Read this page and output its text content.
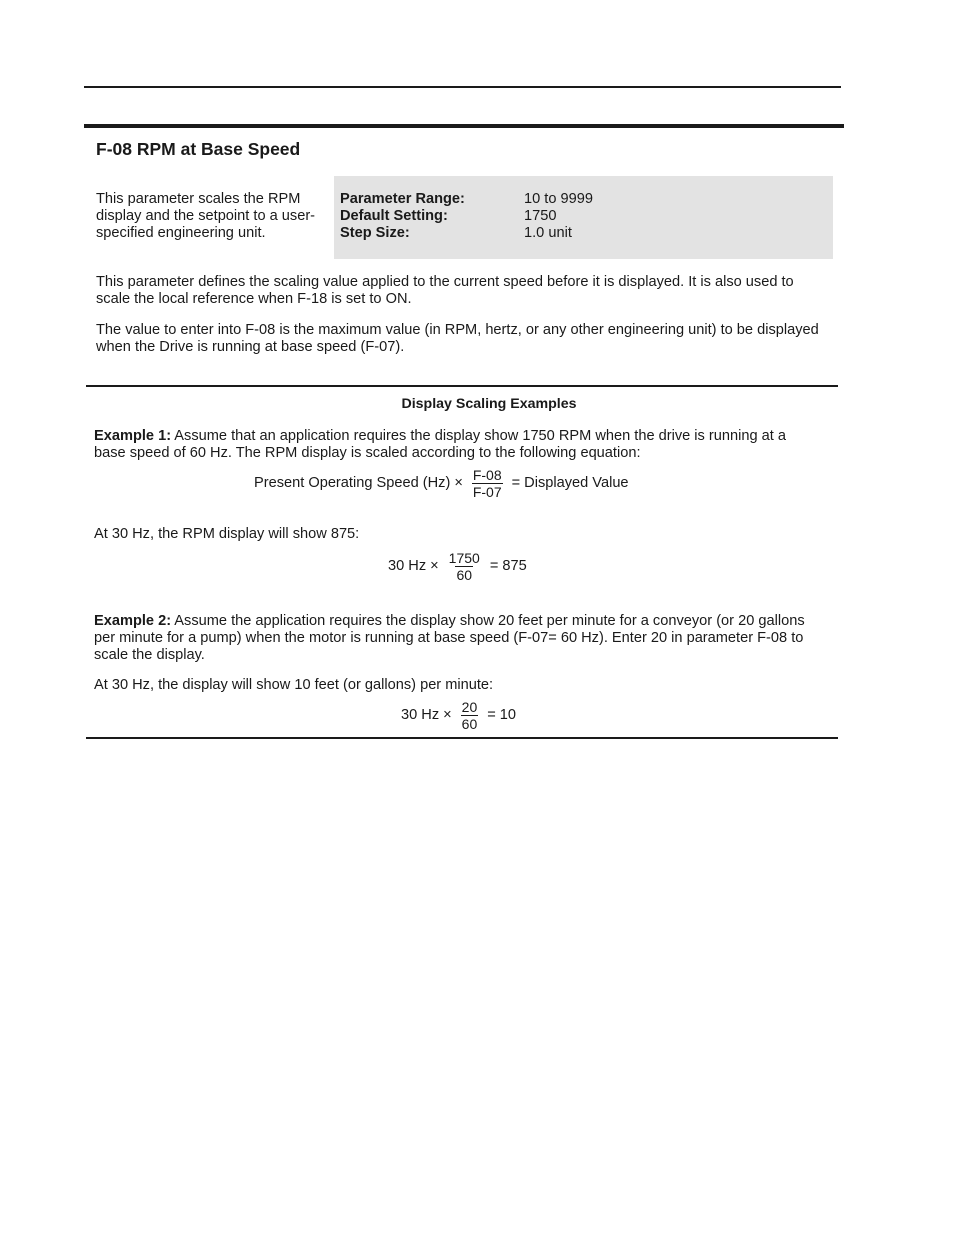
F-08 RPM at Base Speed
This parameter scales the RPM display and the setpoint to a user-specified engineering unit.
Parameter Range:	10 to 9999
Default Setting:	1750
Step Size:	1.0 unit
This parameter defines the scaling value applied to the current speed before it is displayed. It is also used to scale the local reference when F-18 is set to ON.
The value to enter into F-08 is the maximum value (in RPM, hertz, or any other engineering unit) to be displayed when the Drive is running at base speed (F-07).
Display Scaling Examples
Example 1: Assume that an application requires the display show 1750 RPM when the drive is running at a base speed of 60 Hz. The RPM display is scaled according to the following equation:
Present Operating Speed $(Hz) \times \frac{F-08}{F-07}$ = Displayed Value
At 30 Hz, the RPM display will show 875:
30 $Hz \times \frac{1750}{60} = 875$
Example 2: Assume the application requires the display show 20 feet per minute for a conveyor (or 20 gallons per minute for a pump) when the motor is running at base speed (F-07= 60 Hz). Enter 20 in parameter F-08 to scale the display.
At 30 Hz, the display will show 10 feet (or gallons) per minute:
30 $Hz \times \frac{20}{60} = 10$
